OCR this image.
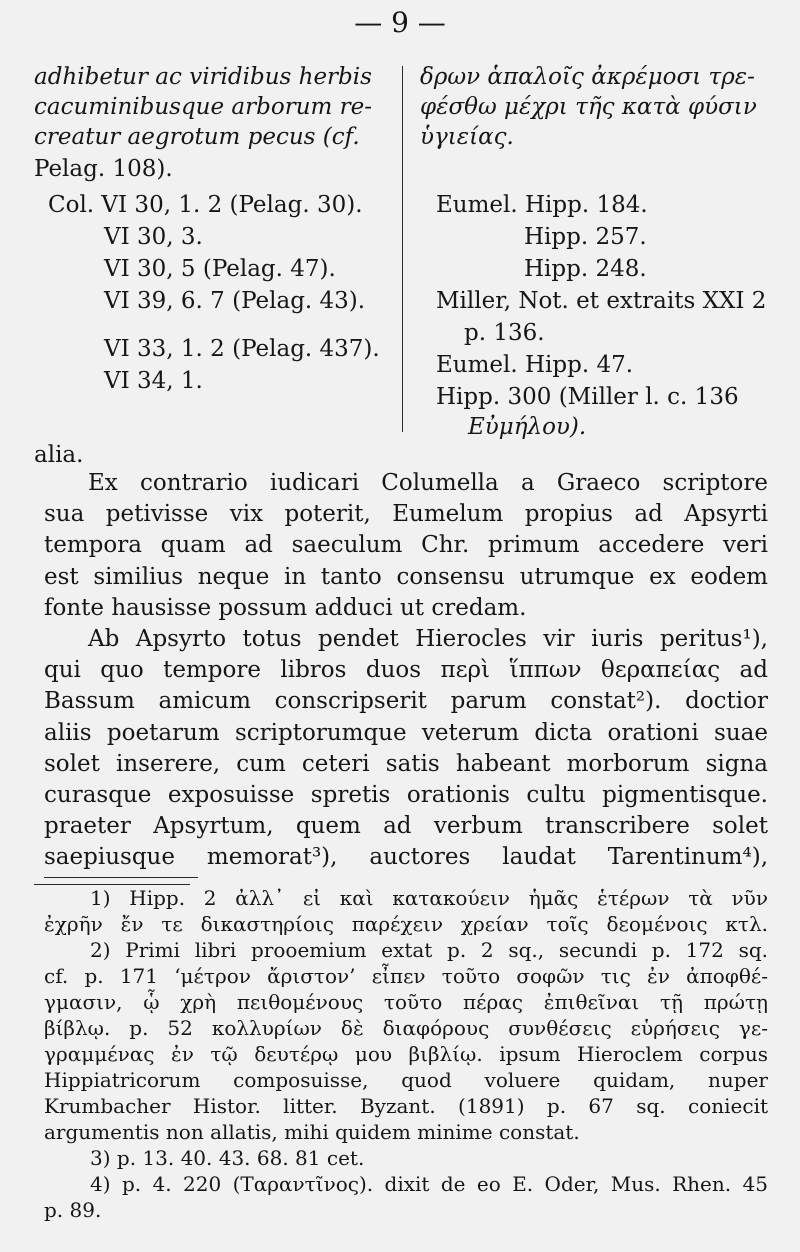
— 9 —
adhibetur ac viridibus herbis
cacuminibusque arborum re-
creatur aegrotum pecus (cf.
Pelag. 108).
Col. VI 30, 1. 2 (Pelag. 30).
VI 30, 3.
VI 30, 5 (Pelag. 47).
VI 39, 6. 7 (Pelag. 43).
VI 33, 1. 2 (Pelag. 437).
VI 34, 1.
δρων ἁπαλοῖς ἀκρέμοσι τρε-
φέσθω μέχρι τῆς κατὰ φύσιν
ὑγιείας.
Eumel. Hipp. 184.
Hipp. 257.
Hipp. 248.
Miller, Not. et extraits XXI 2
p. 136.
Eumel. Hipp. 47.
Hipp. 300 (Miller l. c. 136
Εὐμήλου).
alia.
Ex contrario iudicari Columella a Graeco scriptore
sua petivisse vix poterit, Eumelum propius ad Apsyrti
tempora quam ad saeculum Chr. primum accedere veri
est similius neque in tanto consensu utrumque ex eodem
fonte hausisse possum adduci ut credam.
Ab Apsyrto totus pendet Hierocles vir iuris peritus¹),
qui quo tempore libros duos περὶ ἵππων θεραπείας ad
Bassum amicum conscripserit parum constat²). doctior
aliis poetarum scriptorumque veterum dicta orationi suae
solet inserere, cum ceteri satis habeant morborum signa
curasque exposuisse spretis orationis cultu pigmentisque.
praeter Apsyrtum, quem ad verbum transcribere solet
saepiusque memorat³), auctores laudat Tarentinum⁴),
1) Hipp. 2 ἀλλ᾽ εἰ καὶ κατακούειν ἡμᾶς ἑτέρων τὰ νῦν
ἐχρῆν ἔν τε δικαστηρίοις παρέχειν χρείαν τοῖς δεομένοις κτλ.
2) Primi libri prooemium extat p. 2 sq., secundi p. 172 sq.
cf. p. 171 ‘μέτρον ἄριστον’ εἶπεν τοῦτο σοφῶν τις ἐν ἀποφθέ-
γμασιν, ᾧ χρὴ πειθομένους τοῦτο πέρας ἐπιθεῖναι τῇ πρώτῃ
βίβλῳ. p. 52 κολλυρίων δὲ διαφόρους συνθέσεις εὑρήσεις γε-
γραμμένας ἐν τῷ δευτέρῳ μου βιβλίῳ. ipsum Hieroclem corpus
Hippiatricorum composuisse, quod voluere quidam, nuper
Krumbacher Histor. litter. Byzant. (1891) p. 67 sq. coniecit
argumentis non allatis, mihi quidem minime constat.
3) p. 13. 40. 43. 68. 81 cet.
4) p. 4. 220 (Ταραντῖνος). dixit de eo E. Oder, Mus. Rhen. 45
p. 89.
